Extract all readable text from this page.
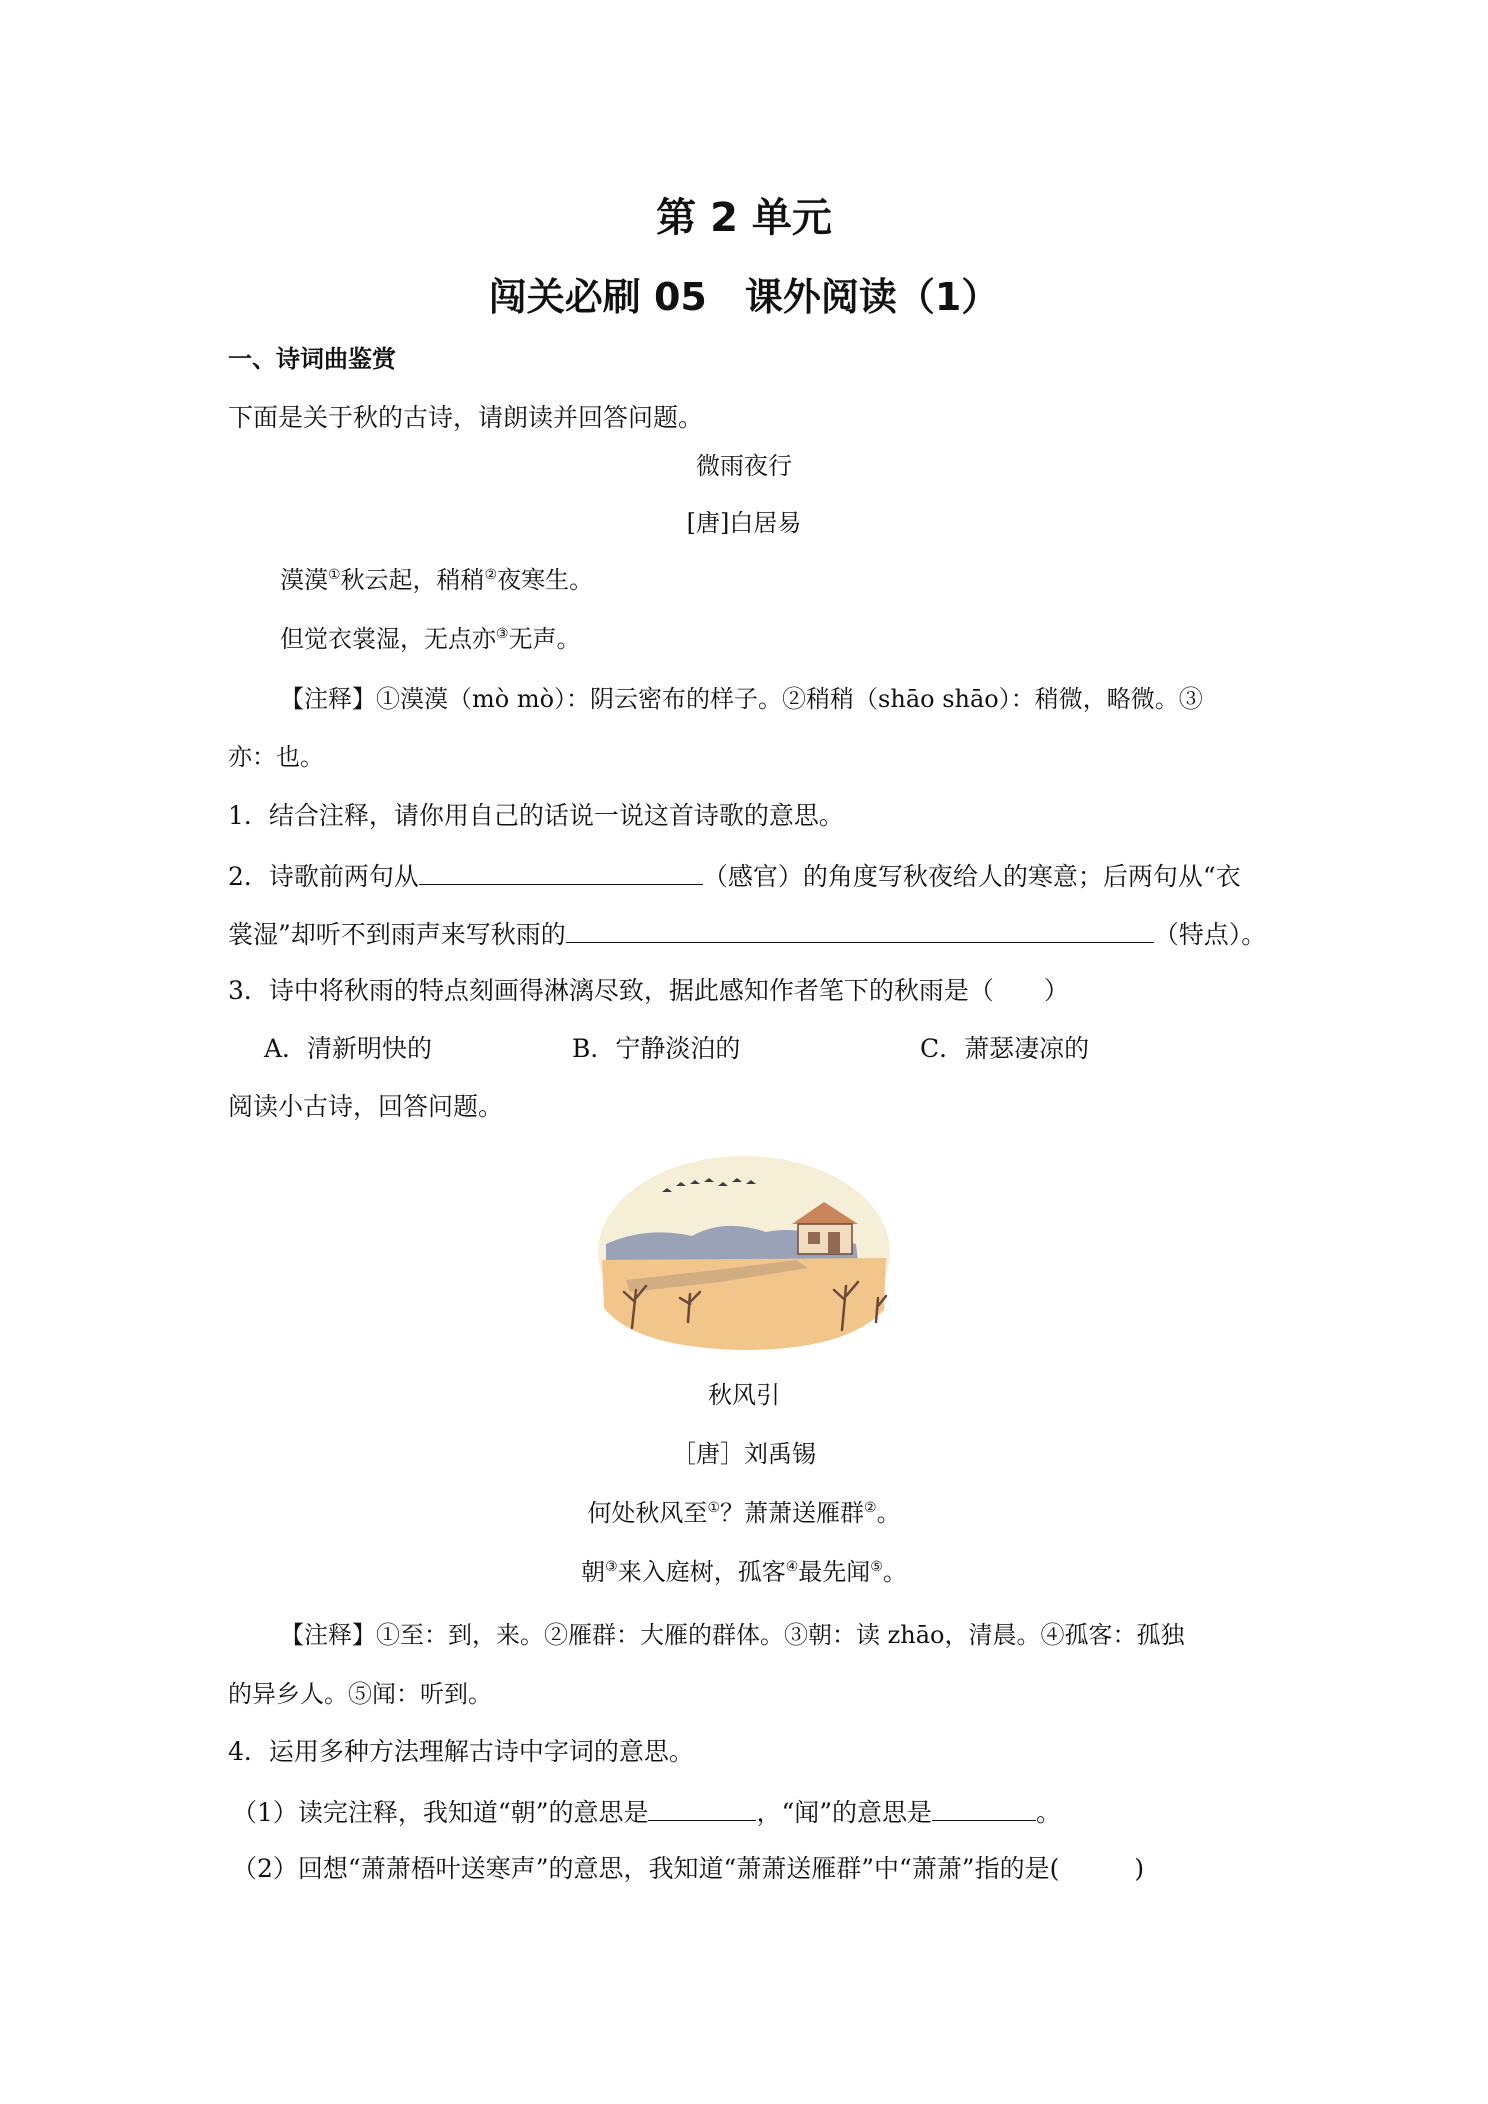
第 2 单元
闯关必刷 05　课外阅读（1）
一、诗词曲鉴赏
下面是关于秋的古诗，请朗读并回答问题。
微雨夜行
[唐]白居易
漠漠①秋云起，稍稍②夜寒生。
但觉衣裳湿，无点亦③无声。
【注释】①漠漠（mò mò）：阴云密布的样子。②稍稍（shāo shāo）：稍微，略微。③
亦：也。
1．结合注释，请你用自己的话说一说这首诗歌的意思。
2．诗歌前两句从	（感官）的角度写秋夜给人的寒意；后两句从“衣
裳湿”却听不到雨声来写秋雨的	（特点）。
3．诗中将秋雨的特点刻画得淋漓尽致，据此感知作者笔下的秋雨是（　　）
A．清新明快的	B．宁静淡泊的	C．萧瑟凄凉的
阅读小古诗，回答问题。
秋风引
［唐］刘禹锡
何处秋风至①？萧萧送雁群②。
朝③来入庭树，孤客④最先闻⑤。
【注释】①至：到，来。②雁群：大雁的群体。③朝：读 zhāo，清晨。④孤客：孤独
的异乡人。⑤闻：听到。
4．运用多种方法理解古诗中字词的意思。
（1）读完注释，我知道“朝”的意思是	，“闻”的意思是	。
（2）回想“萧萧梧叶送寒声”的意思，我知道“萧萧送雁群”中“萧萧”指的是(　　　)
